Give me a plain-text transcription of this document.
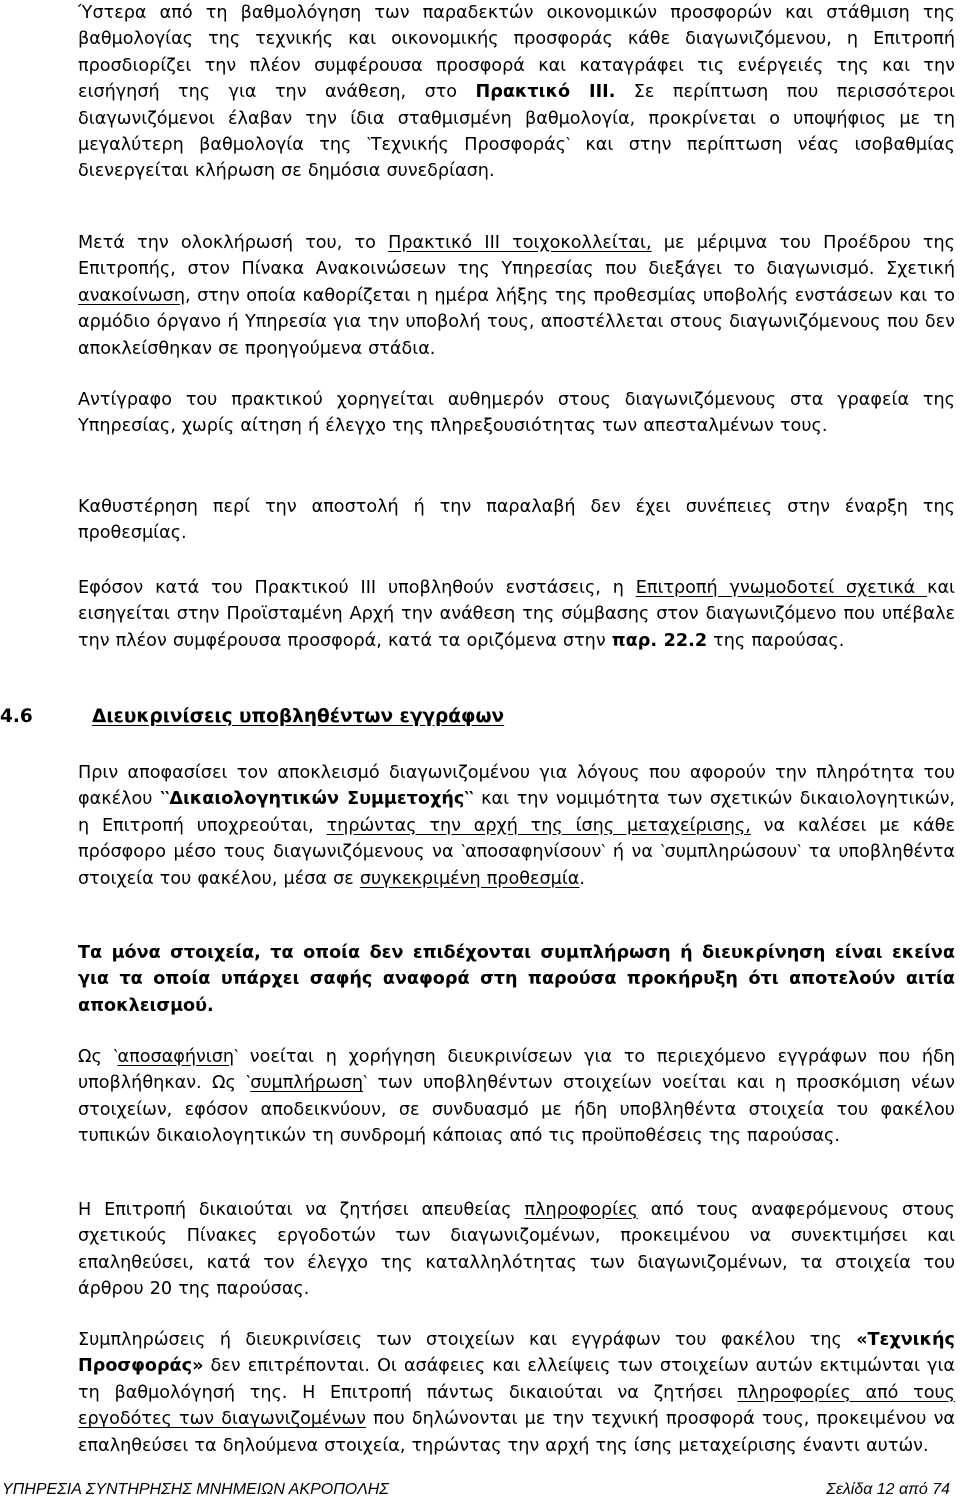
Ύστερα από τη βαθμολόγηση των παραδεκτών οικονομικών προσφορών και στάθμιση της βαθμολογίας της τεχνικής και οικονομικής προσφοράς κάθε διαγωνιζόμενου, η Επιτροπή προσδιορίζει την πλέον συμφέρουσα προσφορά και καταγράφει τις ενέργειές της και την εισήγησή της για την ανάθεση, στο Πρακτικό ΙΙΙ. Σε περίπτωση που περισσότεροι διαγωνιζόμενοι έλαβαν την ίδια σταθμισμένη βαθμολογία, προκρίνεται ο υποψήφιος με τη μεγαλύτερη βαθμολογία της ‵Τεχνικής Προσφοράς‵ και στην περίπτωση νέας ισοβαθμίας διενεργείται κλήρωση σε δημόσια συνεδρίαση.

Μετά την ολοκλήρωσή του, το Πρακτικό ΙΙΙ τοιχοκολλείται, με μέριμνα του Προέδρου της Επιτροπής, στον Πίνακα Ανακοινώσεων της Υπηρεσίας που διεξάγει το διαγωνισμό. Σχετική ανακοίνωση, στην οποία καθορίζεται η ημέρα λήξης της προθεσμίας υποβολής ενστάσεων και το αρμόδιο όργανο ή Υπηρεσία για την υποβολή τους, αποστέλλεται στους διαγωνιζόμενους που δεν αποκλείσθηκαν σε προηγούμενα στάδια.

Αντίγραφο του πρακτικού χορηγείται αυθημερόν στους διαγωνιζόμενους στα γραφεία της Υπηρεσίας, χωρίς αίτηση ή έλεγχο της πληρεξουσιότητας των απεσταλμένων τους.

Καθυστέρηση περί την αποστολή ή την παραλαβή δεν έχει συνέπειες στην έναρξη της προθεσμίας.

Εφόσον κατά του Πρακτικού ΙΙΙ υποβληθούν ενστάσεις, η Επιτροπή γνωμοδοτεί σχετικά και εισηγείται στην Προϊσταμένη Αρχή την ανάθεση της σύμβασης στον διαγωνιζόμενο που υπέβαλε την πλέον συμφέρουσα προσφορά, κατά τα οριζόμενα στην παρ. 22.2 της παρούσας.

4.6	Διευκρινίσεις υποβληθέντων εγγράφων

Πριν αποφασίσει τον αποκλεισμό διαγωνιζομένου για λόγους που αφορούν την πληρότητα του φακέλου ‵‵Δικαιολογητικών Συμμετοχής‵‵ και την νομιμότητα των σχετικών δικαιολογητικών, η Επιτροπή υποχρεούται, τηρώντας την αρχή της ίσης μεταχείρισης, να καλέσει με κάθε πρόσφορο μέσο τους διαγωνιζόμενους να ‵αποσαφηνίσουν‵ ή να ‵συμπληρώσουν‵ τα υποβληθέντα στοιχεία του φακέλου, μέσα σε συγκεκριμένη προθεσμία.

Τα μόνα στοιχεία, τα οποία δεν επιδέχονται συμπλήρωση ή διευκρίνηση είναι εκείνα για τα οποία υπάρχει σαφής αναφορά στη παρούσα προκήρυξη ότι αποτελούν αιτία αποκλεισμού.

Ως ‵αποσαφήνιση‵ νοείται η χορήγηση διευκρινίσεων για το περιεχόμενο εγγράφων που ήδη υποβλήθηκαν. Ως ‵συμπλήρωση‵ των υποβληθέντων στοιχείων νοείται και η προσκόμιση νέων στοιχείων, εφόσον αποδεικνύουν, σε συνδυασμό με ήδη υποβληθέντα στοιχεία του φακέλου τυπικών δικαιολογητικών τη συνδρομή κάποιας από τις προϋποθέσεις της παρούσας.

Η Επιτροπή δικαιούται να ζητήσει απευθείας πληροφορίες από τους αναφερόμενους στους σχετικούς Πίνακες εργοδοτών των διαγωνιζομένων, προκειμένου να συνεκτιμήσει και επαληθεύσει, κατά τον έλεγχο της καταλληλότητας των διαγωνιζομένων, τα στοιχεία του άρθρου 20 της παρούσας.

Συμπληρώσεις ή διευκρινίσεις των στοιχείων και εγγράφων του φακέλου της «Τεχνικής Προσφοράς» δεν επιτρέπονται. Οι ασάφειες και ελλείψεις των στοιχείων αυτών εκτιμώνται για τη βαθμολόγησή της. Η Επιτροπή πάντως δικαιούται να ζητήσει πληροφορίες από τους εργοδότες των διαγωνιζομένων που δηλώνονται με την τεχνική προσφορά τους, προκειμένου να επαληθεύσει τα δηλούμενα στοιχεία, τηρώντας την αρχή της ίσης μεταχείρισης έναντι αυτών.

ΥΠΗΡΕΣΙΑ ΣΥΝΤΗΡΗΣΗΣ ΜΝΗΜΕΙΩΝ ΑΚΡΟΠΟΛΗΣ	Σελίδα 12 από 74
